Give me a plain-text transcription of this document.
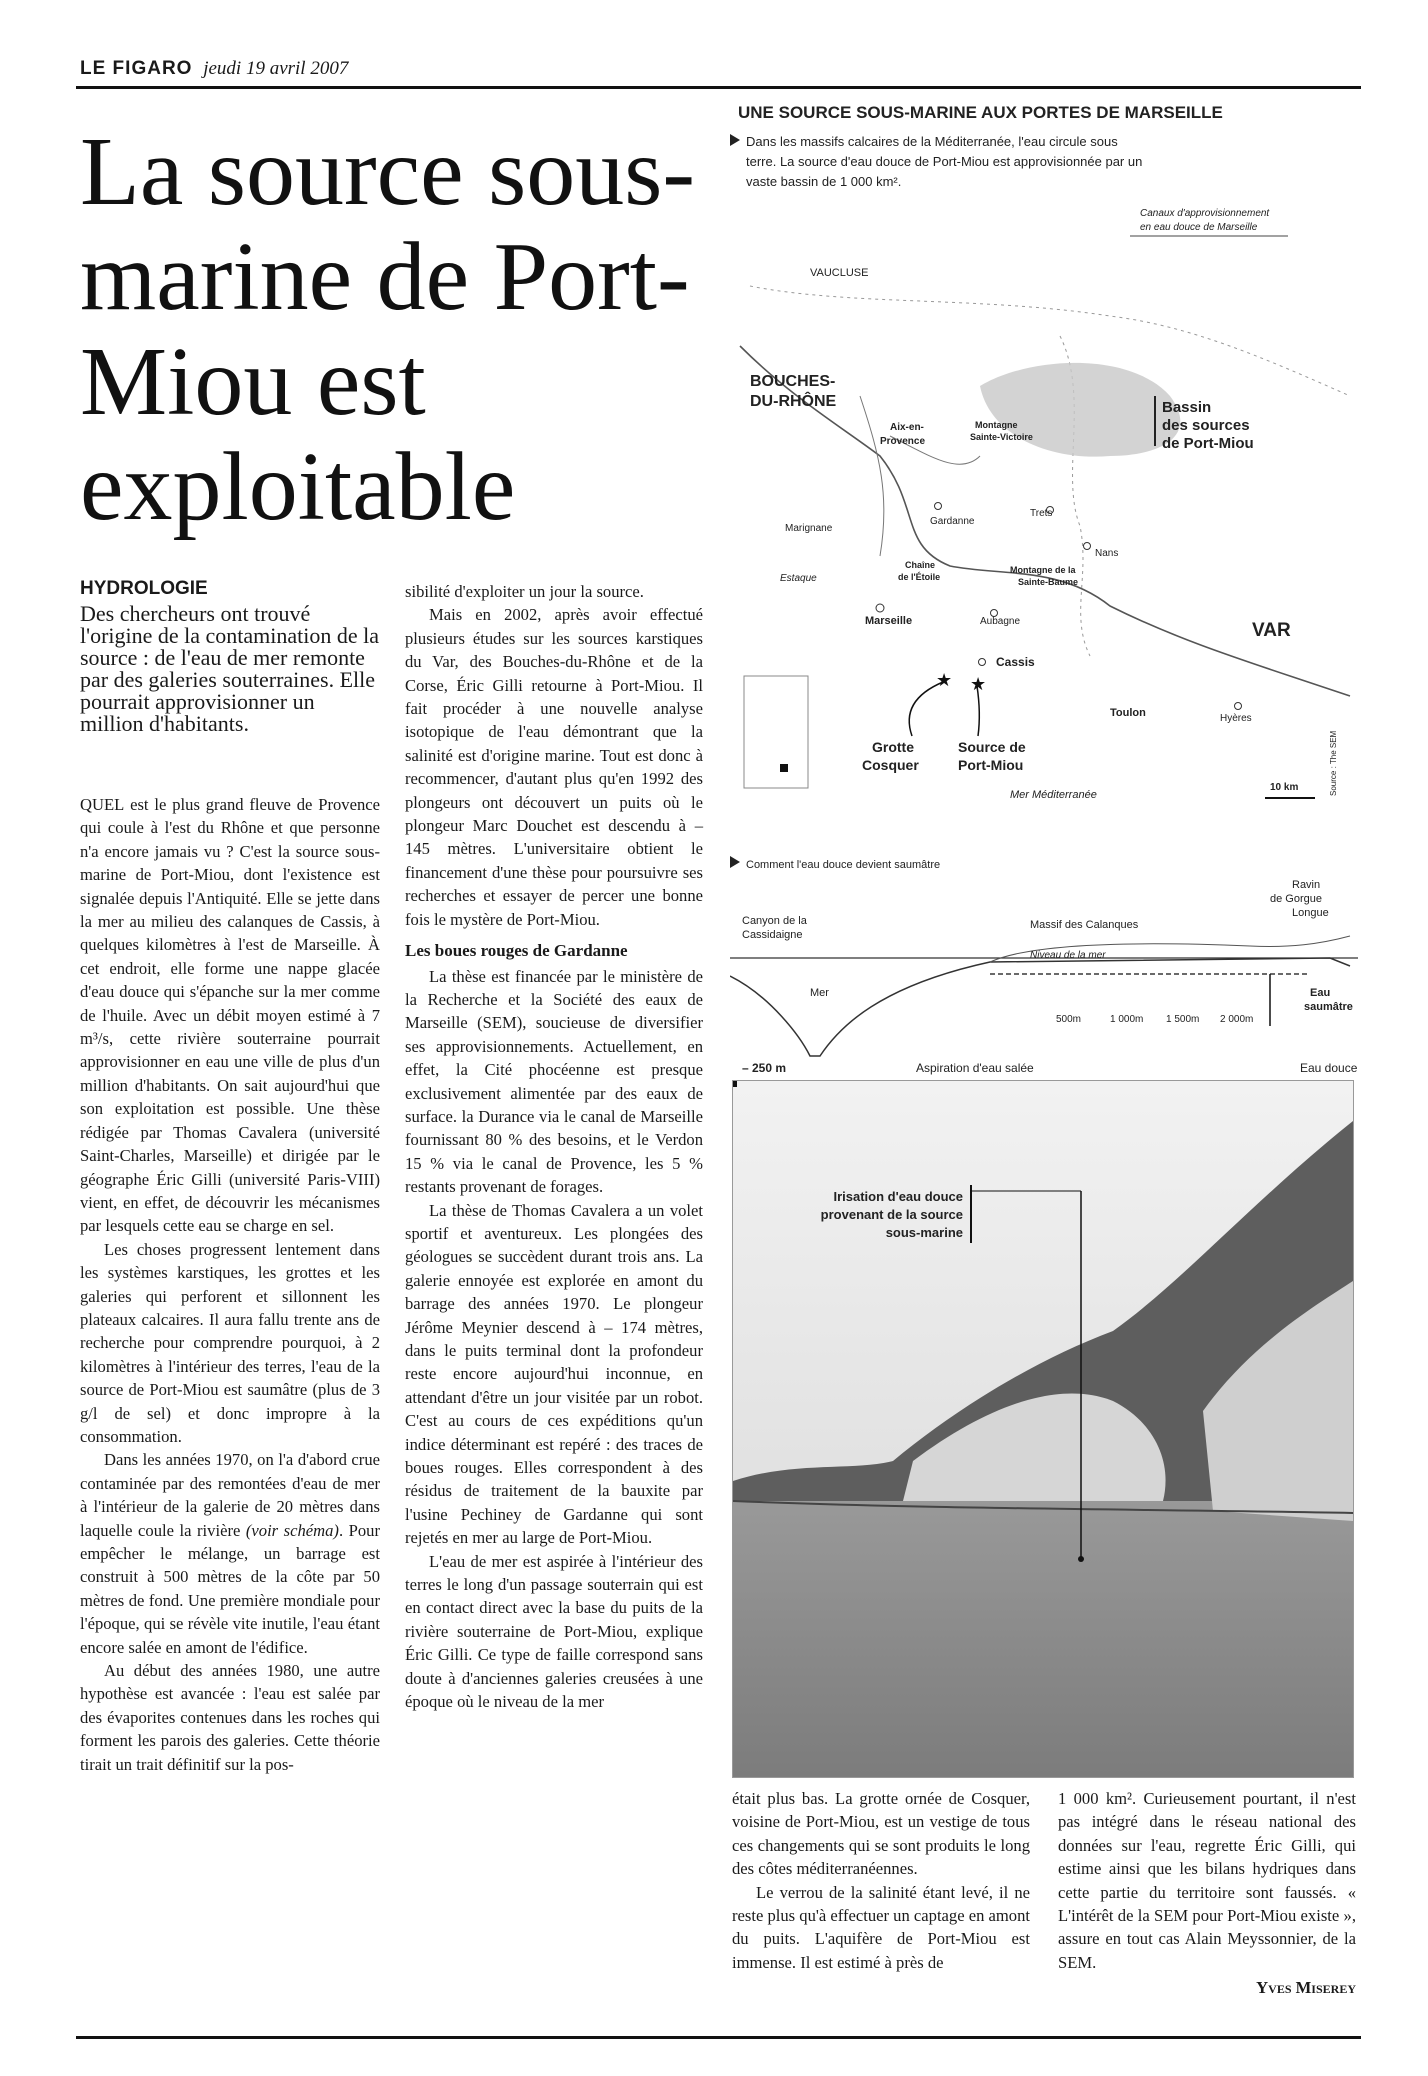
LE FIGARO jeudi 19 avril 2007
La source sous-marine de Port-Miou est exploitable
HYDROLOGIE

Des chercheurs ont trouvé l'origine de la contamination de la source : de l'eau de mer remonte par des galeries souterraines. Elle pourrait approvisionner un million d'habitants.

QUEL est le plus grand fleuve de Provence qui coule à l'est du Rhône et que personne n'a encore jamais vu ? C'est la source sous-marine de Port-Miou, dont l'existence est signalée depuis l'Antiquité. Elle se jette dans la mer au milieu des calanques de Cassis, à quelques kilomètres à l'est de Marseille. À cet endroit, elle forme une nappe glacée d'eau douce qui s'épanche sur la mer comme de l'huile. Avec un débit moyen estimé à 7 m³/s, cette rivière souterraine pourrait approvisionner en eau une ville de plus d'un million d'habitants. On sait aujourd'hui que son exploitation est possible. Une thèse rédigée par Thomas Cavalera (université Saint-Charles, Marseille) et dirigée par le géographe Éric Gilli (université Paris-VIII) vient, en effet, de découvrir les mécanismes par lesquels cette eau se charge en sel.

Les choses progressent lentement dans les systèmes karstiques, les grottes et les galeries qui perforent et sillonnent les plateaux calcaires. Il aura fallu trente ans de recherche pour comprendre pourquoi, à 2 kilomètres à l'intérieur des terres, l'eau de la source de Port-Miou est saumâtre (plus de 3 g/l de sel) et donc impropre à la consommation.

Dans les années 1970, on l'a d'abord crue contaminée par des remontées d'eau de mer à l'intérieur de la galerie de 20 mètres dans laquelle coule la rivière (voir schéma). Pour empêcher le mélange, un barrage est construit à 500 mètres de la côte par 50 mètres de fond. Une première mondiale pour l'époque, qui se révèle vite inutile, l'eau étant encore salée en amont de l'édifice.

Au début des années 1980, une autre hypothèse est avancée : l'eau est salée par des évaporites contenues dans les roches qui forment les parois des galeries. Cette théorie tirait un trait définitif sur la pos-

sibilité d'exploiter un jour la source.

Mais en 2002, après avoir effectué plusieurs études sur les sources karstiques du Var, des Bouches-du-Rhône et de la Corse, Éric Gilli retourne à Port-Miou. Il fait procéder à une nouvelle analyse isotopique de l'eau démontrant que la salinité est d'origine marine. Tout est donc à recommencer, d'autant plus qu'en 1992 des plongeurs ont découvert un puits où le plongeur Marc Douchet est descendu à – 145 mètres. L'universitaire obtient le financement d'une thèse pour poursuivre ses recherches et essayer de percer une bonne fois le mystère de Port-Miou.

Les boues rouges de Gardanne

La thèse est financée par le ministère de la Recherche et la Société des eaux de Marseille (SEM), soucieuse de diversifier ses approvisionnements. Actuellement, en effet, la Cité phocéenne est presque exclusivement alimentée par des eaux de surface. la Durance via le canal de Marseille fournissant 80 % des besoins, et le Verdon 15 % via le canal de Provence, les 5 % restants provenant de forages.

La thèse de Thomas Cavalera a un volet sportif et aventureux. Les plongées des géologues se succèdent durant trois ans. La galerie ennoyée est explorée en amont du barrage des années 1970. Le plongeur Jérôme Meynier descend à – 174 mètres, dans le puits terminal dont la profondeur reste encore aujourd'hui inconnue, en attendant d'être un jour visitée par un robot. C'est au cours de ces expéditions qu'un indice déterminant est repéré : des traces de boues rouges. Elles correspondent à des résidus de traitement de la bauxite par l'usine Pechiney de Gardanne qui sont rejetés en mer au large de Port-Miou.

L'eau de mer est aspirée à l'intérieur des terres le long d'un passage souterrain qui est en contact direct avec la base du puits de la rivière souterraine de Port-Miou, explique Éric Gilli. Ce type de faille correspond sans doute à d'anciennes galeries creusées à une époque où le niveau de la mer

UNE SOURCE SOUS-MARINE AUX PORTES DE MARSEILLE
Dans les massifs calcaires de la Méditerranée, l'eau circule sous
terre. La source d'eau douce de Port-Miou est approvisionnée par un
vaste bassin de 1 000 km².
Canaux d'approvisionnement
en eau douce de Marseille
VAUCLUSE
BOUCHES-
DU-RHÔNE
VAR
Bassin
des sources
de Port-Miou
Aix-en-
Provence
Montagne
Sainte-Victoire
Marignane
Gardanne
Trets
Nans
Estaque
Chaîne
de l'Étoile
Montagne de la
Sainte-Baume
Marseille	Aubagne
Cassis
Toulon	Hyères
★ ★
Grotte
Cosquer
Source de
Port-Miou
Mer Méditerranée
10 km	Source : The SEM
Comment l'eau douce devient saumâtre
Canyon de la
Cassidaigne
Massif des Calanques
Ravin
de Gorgue
Longue
Niveau de la mer
Mer
500m	1 000m 1 500m 2 000m
Eau
saumâtre
– 250 m	Aspiration d'eau salée	Eau douce
Irisation d'eau douce
provenant de la source
sous-marine

était plus bas. La grotte ornée de Cosquer, voisine de Port-Miou, est un vestige de tous ces changements qui se sont produits le long des côtes méditerranéennes.

Le verrou de la salinité étant levé, il ne reste plus qu'à effectuer un captage en amont du puits. L'aquifère de Port-Miou est immense. Il est estimé à près de

1 000 km². Curieusement pourtant, il n'est pas intégré dans le réseau national des données sur l'eau, regrette Éric Gilli, qui estime ainsi que les bilans hydriques dans cette partie du territoire sont faussés. « L'intérêt de la SEM pour Port-Miou existe », assure en tout cas Alain Meyssonnier, de la SEM.

Yves Miserey
